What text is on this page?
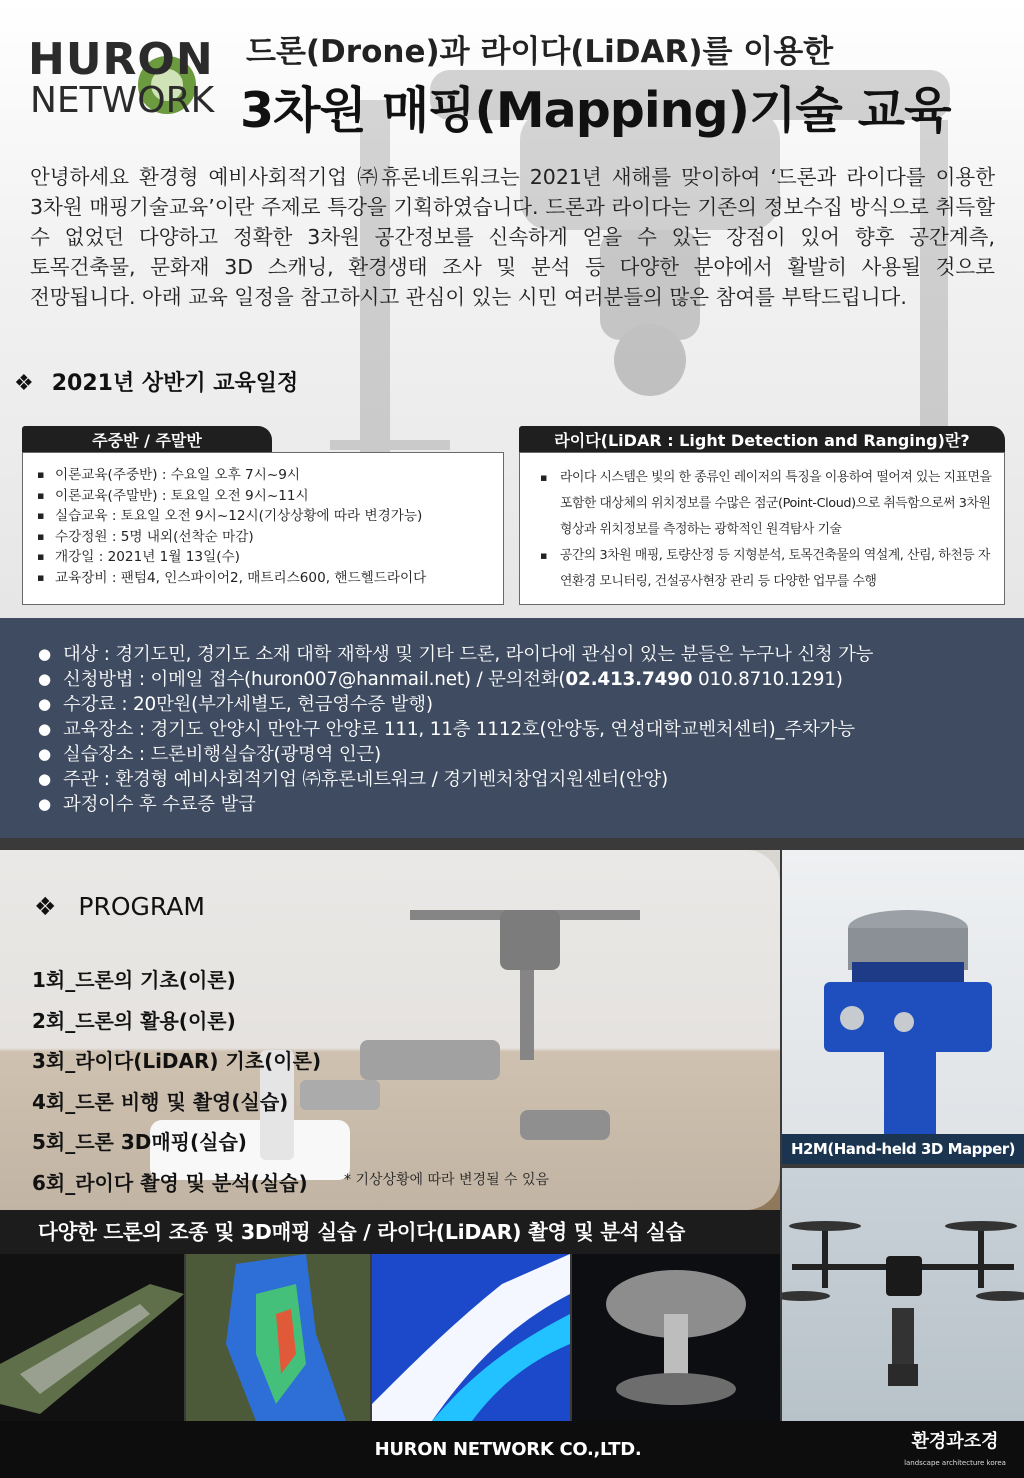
HURON
NETWORK
드론(Drone)과 라이다(LiDAR)를 이용한
3차원 매핑(Mapping)기술 교육

안녕하세요 환경형 예비사회적기업 ㈜휴론네트워크는 2021년 새해를 맞이하여 ‘드론과 라이다를 이용한 3차원 매핑기술교육’이란 주제로 특강을 기획하였습니다. 드론과 라이다는 기존의 정보수집 방식으로 취득할 수 없었던 다양하고 정확한 3차원 공간정보를 신속하게 얻을 수 있는 장점이 있어 향후 공간계측, 토목건축물, 문화재 3D 스캐닝, 환경생태 조사 및 분석 등 다양한 분야에서 활발히 사용될 것으로 전망됩니다. 아래 교육 일정을 참고하시고 관심이 있는 시민 여러분들의 많은 참여를 부탁드립니다.

❖ 2021년 상반기 교육일정
주중반 / 주말반
▪ 이론교육(주중반) : 수요일 오후 7시~9시
▪ 이론교육(주말반) : 토요일 오전 9시~11시
▪ 실습교육 : 토요일 오전 9시~12시(기상상황에 따라 변경가능)
▪ 수강정원 : 5명 내외(선착순 마감)
▪ 개강일 : 2021년 1월 13일(수)
▪ 교육장비 : 팬텀4, 인스파이어2, 매트리스600, 핸드헬드라이다
라이다(LiDAR : Light Detection and Ranging)란?
▪ 라이다 시스템은 빛의 한 종류인 레이저의 특징을 이용하여 떨어져 있는 지표면을 포함한 대상체의 위치정보를 수많은 점군(Point-Cloud)으로 취득함으로써 3차원 형상과 위치정보를 측정하는 광학적인 원격탐사 기술
▪ 공간의 3차원 매핑, 토량산정 등 지형분석, 토목건축물의 역설계, 산림, 하천등 자연환경 모니터링, 건설공사현장 관리 등 다양한 업무를 수행
● 대상 : 경기도민, 경기도 소재 대학 재학생 및 기타 드론, 라이다에 관심이 있는 분들은 누구나 신청 가능
● 신청방법 : 이메일 접수(huron007@hanmail.net) / 문의전화(02.413.7490 010.8710.1291)
● 수강료 : 20만원(부가세별도, 현금영수증 발행)
● 교육장소 : 경기도 안양시 만안구 안양로 111, 11층 1112호(안양동, 연성대학교벤처센터)_주차가능
● 실습장소 : 드론비행실습장(광명역 인근)
● 주관 : 환경형 예비사회적기업 ㈜휴론네트워크 / 경기벤처창업지원센터(안양)
● 과정이수 후 수료증 발급
❖ PROGRAM
1회_드론의 기초(이론)
2회_드론의 활용(이론)
3회_라이다(LiDAR) 기초(이론)
4회_드론 비행 및 촬영(실습)
5회_드론 3D매핑(실습)
6회_라이다 촬영 및 분석(실습)	* 기상상황에 따라 변경될 수 있음
H2M(Hand-held 3D Mapper)
다양한 드론의 조종 및 3D매핑 실습 / 라이다(LiDAR) 촬영 및 분석 실습
HURON NETWORK CO.,LTD.	환경과조경
landscape architecture korea
